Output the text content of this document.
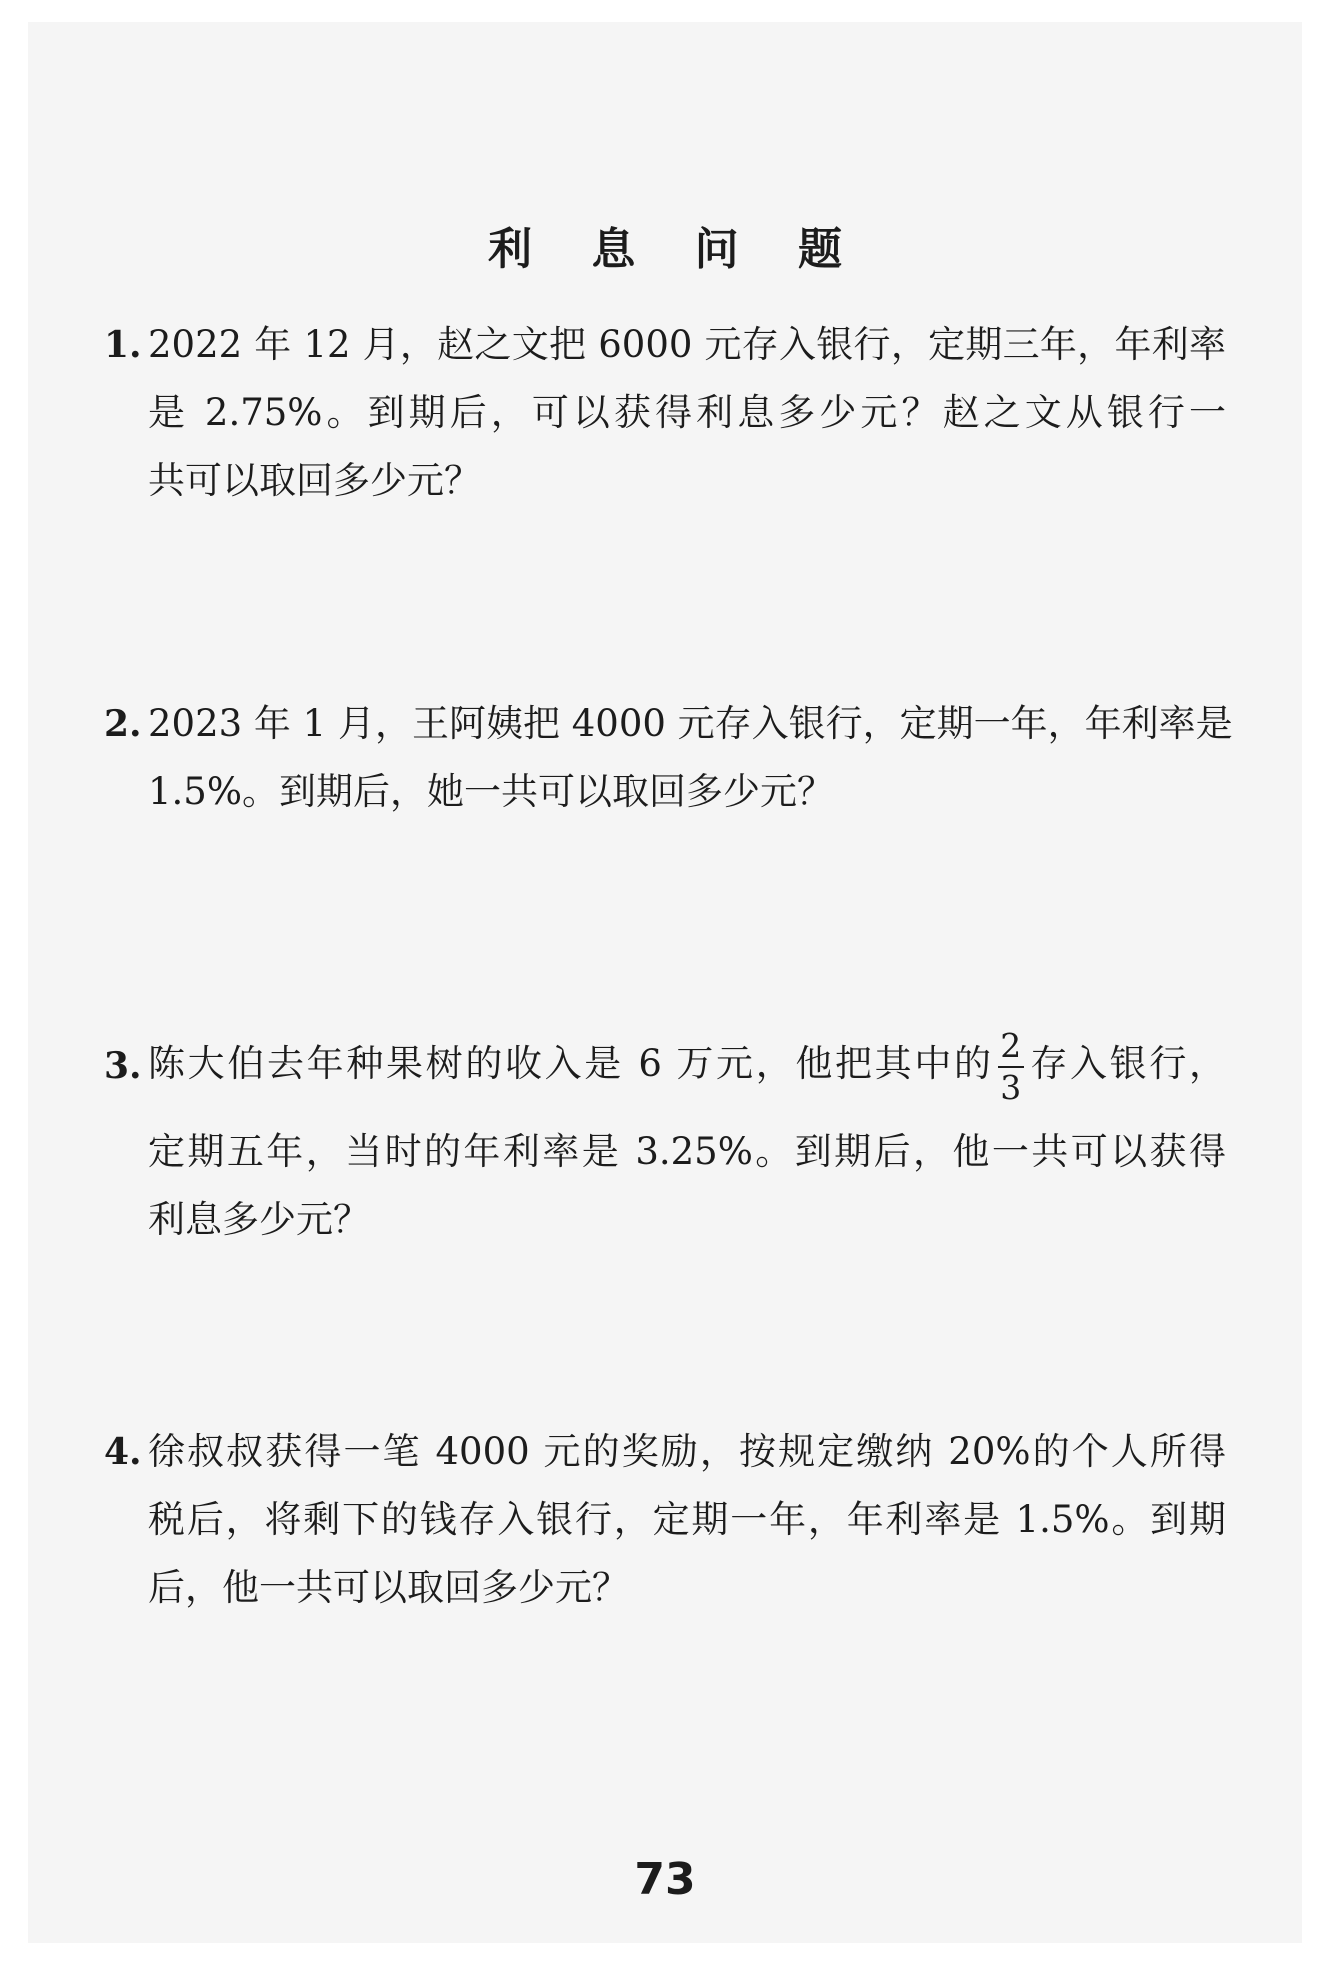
利 息 问 题
1. 2022 年 12 月，赵之文把 6000 元存入银行，定期三年，年利率
是 2.75%。到期后，可以获得利息多少元？赵之文从银行一
共可以取回多少元？
2. 2023 年 1 月，王阿姨把 4000 元存入银行，定期一年，年利率是
1.5%。到期后，她一共可以取回多少元？
3. 陈大伯去年种果树的收入是 6 万元，他把其中的 $\frac{2}{3}$ 存入银行，
定期五年，当时的年利率是 3.25%。到期后，他一共可以获得
利息多少元？
4. 徐叔叔获得一笔 4000 元的奖励，按规定缴纳 20%的个人所得
税后，将剩下的钱存入银行，定期一年，年利率是 1.5%。到期
后，他一共可以取回多少元？
73
